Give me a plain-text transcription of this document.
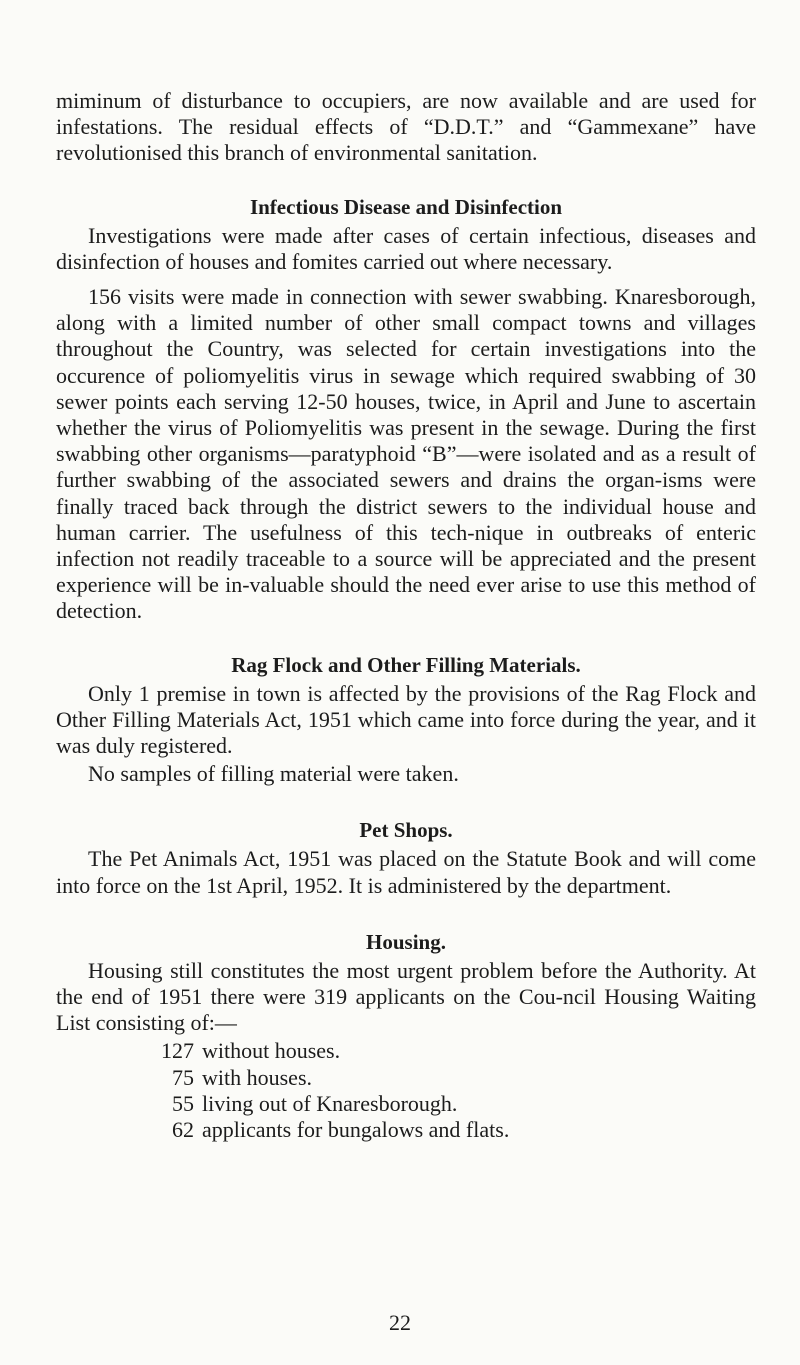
miminum of disturbance to occupiers, are now available and are used for infestations. The residual effects of “D.D.T.” and “Gammexane” have revolutionised this branch of environmental sanitation.

Infectious Disease and Disinfection

Investigations were made after cases of certain infectious, diseases and disinfection of houses and fomites carried out where necessary.

156 visits were made in connection with sewer swabbing. Knaresborough, along with a limited number of other small compact towns and villages throughout the Country, was selected for certain investigations into the occurence of poliomyelitis virus in sewage which required swabbing of 30 sewer points each serving 12-50 houses, twice, in April and June to ascertain whether the virus of Poliomyelitis was present in the sewage. During the first swabbing other organisms—paratyphoid “B”—were isolated and as a result of further swabbing of the associated sewers and drains the organ-isms were finally traced back through the district sewers to the individual house and human carrier. The usefulness of this tech-nique in outbreaks of enteric infection not readily traceable to a source will be appreciated and the present experience will be in-valuable should the need ever arise to use this method of detection.

Rag Flock and Other Filling Materials.

Only 1 premise in town is affected by the provisions of the Rag Flock and Other Filling Materials Act, 1951 which came into force during the year, and it was duly registered.

No samples of filling material were taken.

Pet Shops.

The Pet Animals Act, 1951 was placed on the Statute Book and will come into force on the 1st April, 1952. It is administered by the department.

Housing.

Housing still constitutes the most urgent problem before the Authority. At the end of 1951 there were 319 applicants on the Cou-ncil Housing Waiting List consisting of:—

127 without houses.
75 with houses.
55 living out of Knaresborough.
62 applicants for bungalows and flats.
22
